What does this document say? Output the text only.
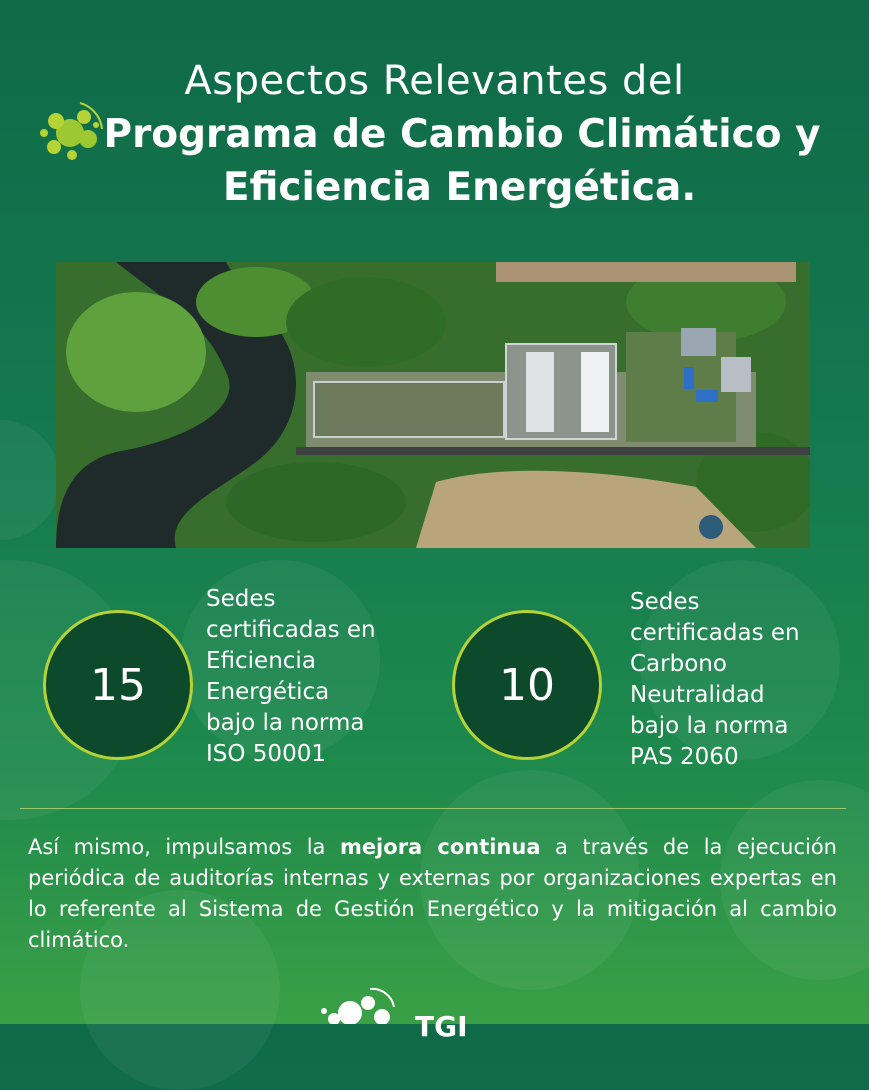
Aspectos Relevantes del
Programa de Cambio Climático y
Eficiencia Energética.
15
Sedes
certificadas en
Eficiencia
Energética
bajo la norma
ISO 50001
10
Sedes
certificadas en
Carbono
Neutralidad
bajo la norma
PAS 2060

Así mismo, impulsamos la mejora continua a través de la ejecución periódica de auditorías internas y externas por organizaciones expertas en lo referente al Sistema de Gestión Energético y la mitigación al cambio climático.

TGI
